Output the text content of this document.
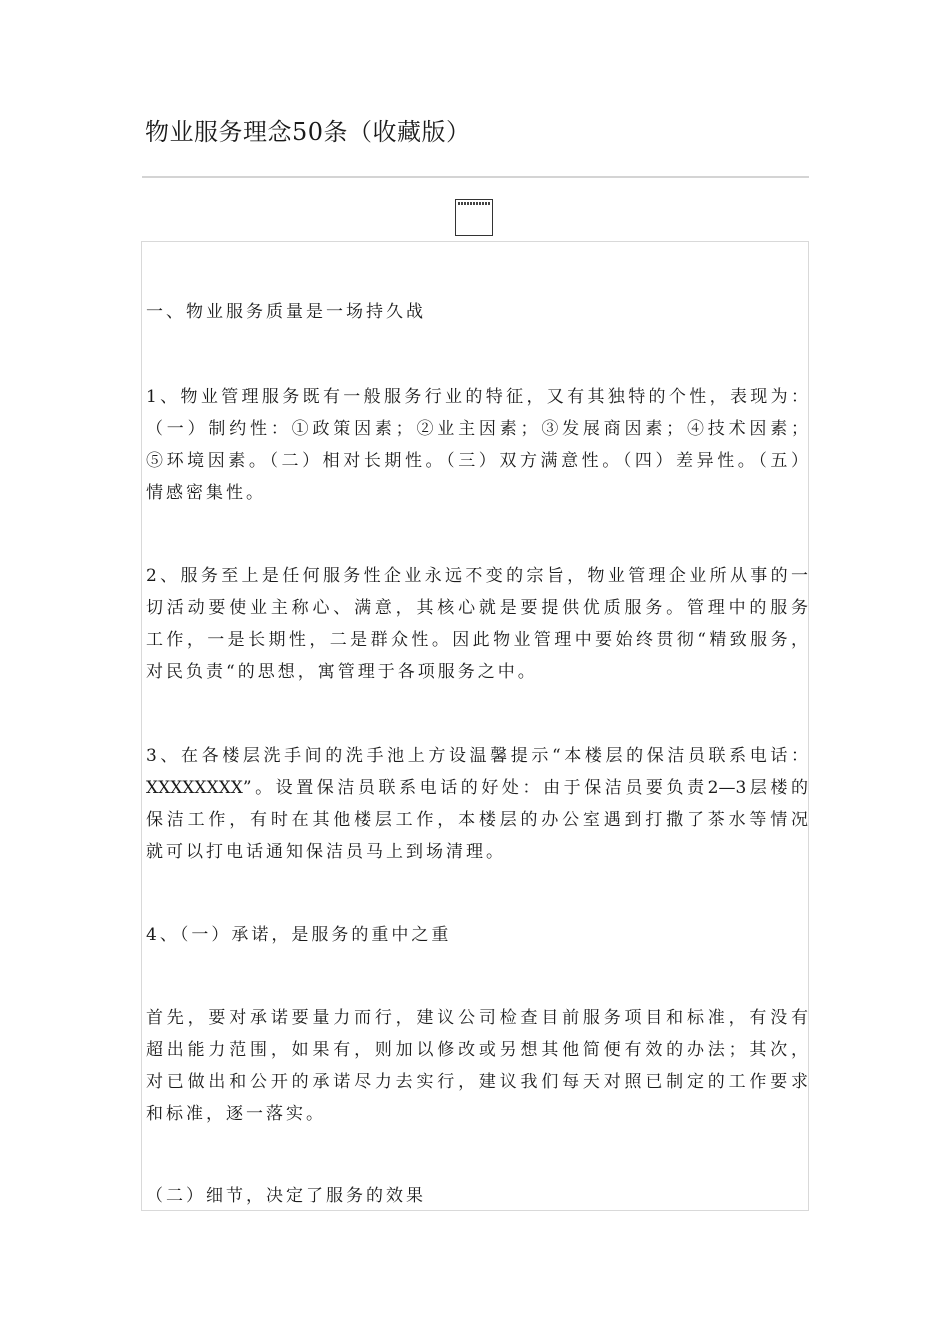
物业服务理念50条（收藏版）
一、物业服务质量是一场持久战
1、物业管理服务既有一般服务行业的特征，又有其独特的个性，表现为：
（一）制约性：①政策因素；②业主因素；③发展商因素；④技术因素；
⑤环境因素。（二）相对长期性。（三）双方满意性。（四）差异性。（五）
情感密集性。
2、服务至上是任何服务性企业永远不变的宗旨，物业管理企业所从事的一
切活动要使业主称心、满意，其核心就是要提供优质服务。管理中的服务
工作，一是长期性，二是群众性。因此物业管理中要始终贯彻“精致服务，
对民负责“的思想，寓管理于各项服务之中。
3、在各楼层洗手间的洗手池上方设温馨提示“本楼层的保洁员联系电话：
XXXXXXXX”。设置保洁员联系电话的好处：由于保洁员要负责2—3层楼的
保洁工作，有时在其他楼层工作，本楼层的办公室遇到打撒了茶水等情况
就可以打电话通知保洁员马上到场清理。
4、（一）承诺，是服务的重中之重
首先，要对承诺要量力而行，建议公司检查目前服务项目和标准，有没有
超出能力范围，如果有，则加以修改或另想其他简便有效的办法；其次，
对已做出和公开的承诺尽力去实行，建议我们每天对照已制定的工作要求
和标准，逐一落实。
（二）细节，决定了服务的效果
